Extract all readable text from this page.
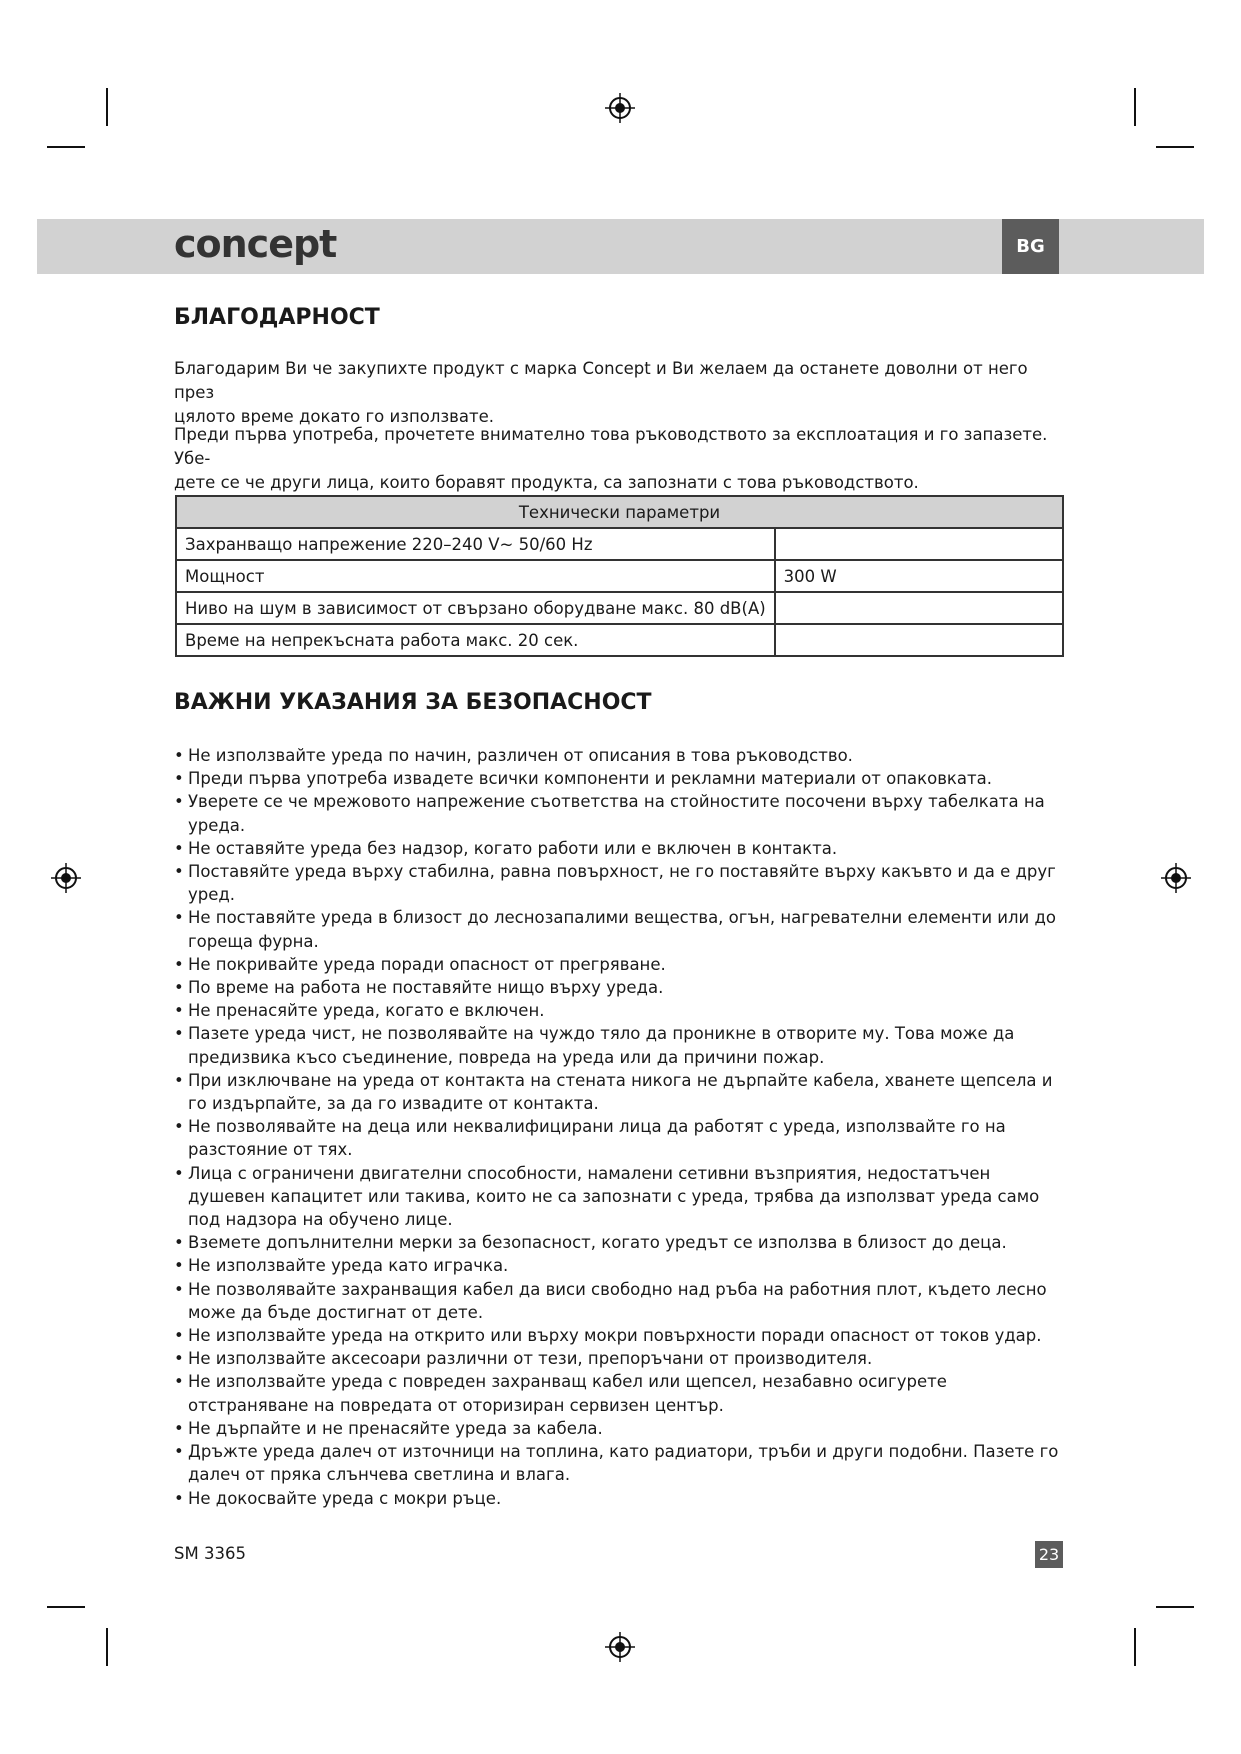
concept	BG
БЛАГОДАРНОСТ

Благодарим Ви че закупихте продукт с марка Concept и Ви желаем да останете доволни от него през
цялото време докато го използвате.

Преди първа употреба, прочетете внимателно това ръководството за експлоатация и го запазете. Убе-
дете се че други лица, които боравят продукта, са запознати с това ръководството.

Технически параметри	
Захранващо напрежение 220–240 V~ 50/60 Hz	
Мощност	300 W
Ниво на шум в зависимост от свързано оборудване макс. 80 dB(A)	
Време на непрекъсната работа макс. 20 сек.	
ВАЖНИ УКАЗАНИЯ ЗА БЕЗОПАСНОСТ
• Не използвайте уреда по начин, различен от описания в това ръководство.
• Преди първа употреба извадете всички компоненти и рекламни материали от опаковката.
• Уверете се че мрежовото напрежение съответства на стойностите посочени върху табелката на уреда.
• Не оставяйте уреда без надзор, когато работи или е включен в контакта.
• Поставяйте уреда върху стабилна, равна повърхност, не го поставяйте върху какъвто и да е друг уред.
• Не поставяйте уреда в близост до леснозапалими вещества, огън, нагревателни елементи или до гореща фурна.
• Не покривайте уреда поради опасност от прегряване.
• По време на работа не поставяйте нищо върху уреда.
• Не пренасяйте уреда, когато е включен.
• Пазете уреда чист, не позволявайте на чуждо тяло да проникне в отворите му. Това може да предизвика късо съединение, повреда на уреда или да причини пожар.
• При изключване на уреда от контакта на стената никога не дърпайте кабела, хванете щепсела и го издърпайте, за да го извадите от контакта.
• Не позволявайте на деца или неквалифицирани лица да работят с уреда, използвайте го на разстояние от тях.
• Лица с ограничени двигателни способности, намалени сетивни възприятия, недостатъчен душевен капацитет или такива, които не са запознати с уреда, трябва да използват уреда само под надзора на обучено лице.
• Вземете допълнителни мерки за безопасност, когато уредът се използва в близост до деца.
• Не използвайте уреда като играчка.
• Не позволявайте захранващия кабел да виси свободно над ръба на работния плот, където лесно може да бъде достигнат от дете.
• Не използвайте уреда на открито или върху мокри повърхности поради опасност от токов удар.
• Не използвайте аксесоари различни от тези, препоръчани от производителя.
• Не използвайте уреда с повреден захранващ кабел или щепсел, незабавно осигурете отстраняване на повредата от оторизиран сервизен център.
• Не дърпайте и не пренасяйте уреда за кабела.
• Дръжте уреда далеч от източници на топлина, като радиатори, тръби и други подобни. Пазете го далеч от пряка слънчева светлина и влага.
• Не докосвайте уреда с мокри ръце.
SM 3365	23
